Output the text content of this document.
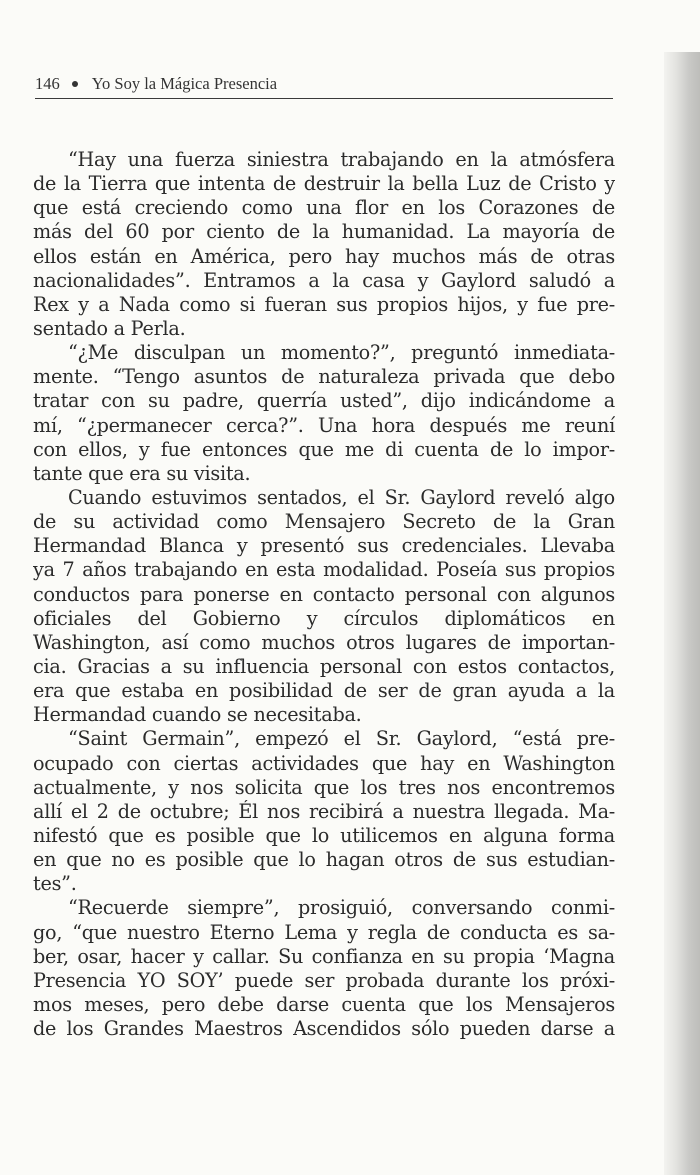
146 Yo Soy la Mágica Presencia
“Hay una fuerza siniestra trabajando en la atmósfera
de la Tierra que intenta de destruir la bella Luz de Cristo y
que está creciendo como una flor en los Corazones de
más del 60 por ciento de la humanidad. La mayoría de
ellos están en América, pero hay muchos más de otras
nacionalidades”. Entramos a la casa y Gaylord saludó a
Rex y a Nada como si fueran sus propios hijos, y fue pre-
sentado a Perla.
“¿Me disculpan un momento?”, preguntó inmediata-
mente. “Tengo asuntos de naturaleza privada que debo
tratar con su padre, querría usted”, dijo indicándome a
mí, “¿permanecer cerca?”. Una hora después me reuní
con ellos, y fue entonces que me di cuenta de lo impor-
tante que era su visita.
Cuando estuvimos sentados, el Sr. Gaylord reveló algo
de su actividad como Mensajero Secreto de la Gran
Hermandad Blanca y presentó sus credenciales. Llevaba
ya 7 años trabajando en esta modalidad. Poseía sus propios
conductos para ponerse en contacto personal con algunos
oficiales del Gobierno y círculos diplomáticos en
Washington, así como muchos otros lugares de importan-
cia. Gracias a su influencia personal con estos contactos,
era que estaba en posibilidad de ser de gran ayuda a la
Hermandad cuando se necesitaba.
“Saint Germain”, empezó el Sr. Gaylord, “está pre-
ocupado con ciertas actividades que hay en Washington
actualmente, y nos solicita que los tres nos encontremos
allí el 2 de octubre; Él nos recibirá a nuestra llegada. Ma-
nifestó que es posible que lo utilicemos en alguna forma
en que no es posible que lo hagan otros de sus estudian-
tes”.
“Recuerde siempre”, prosiguió, conversando conmi-
go, “que nuestro Eterno Lema y regla de conducta es sa-
ber, osar, hacer y callar. Su confianza en su propia ‘Magna
Presencia YO SOY’ puede ser probada durante los próxi-
mos meses, pero debe darse cuenta que los Mensajeros
de los Grandes Maestros Ascendidos sólo pueden darse a
